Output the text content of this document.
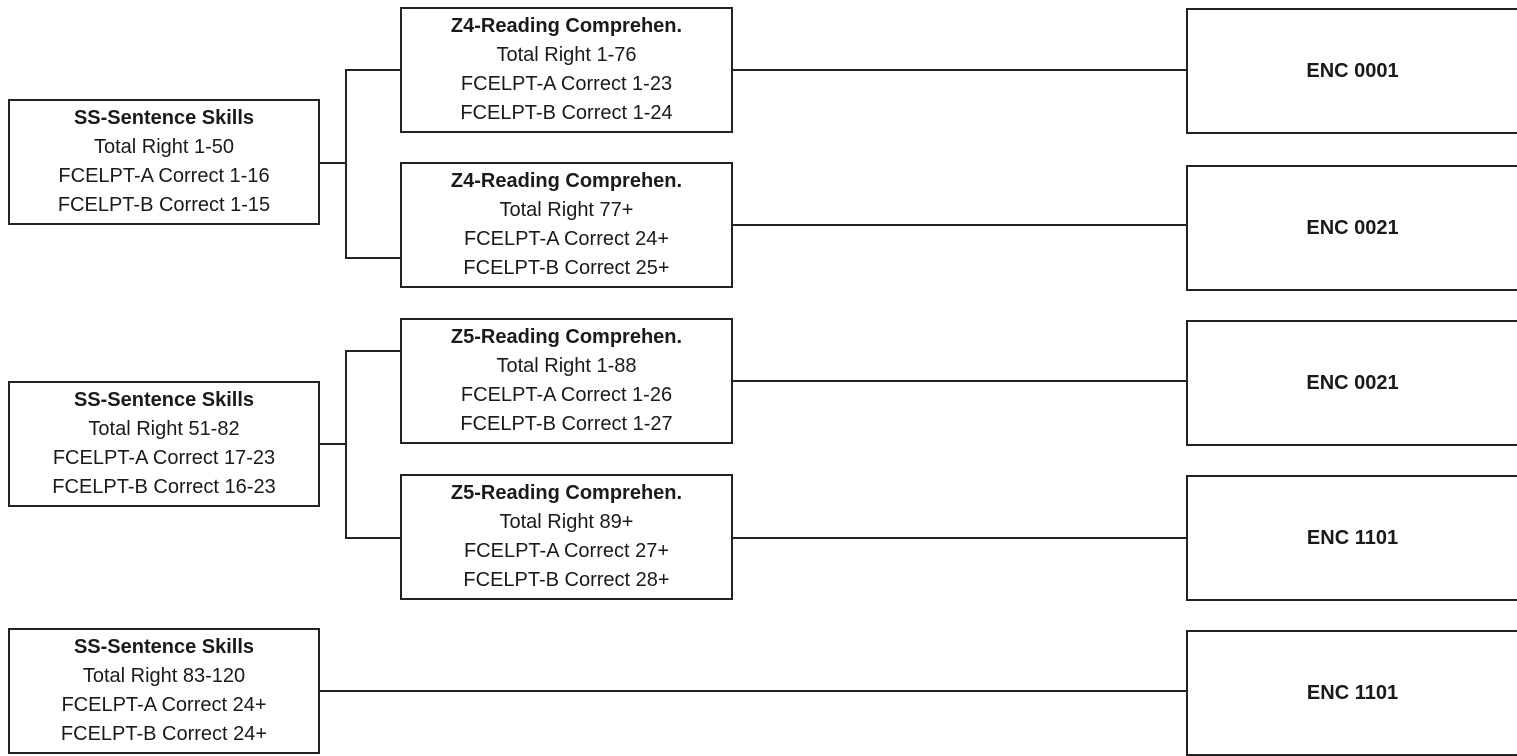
SS-Sentence Skills
Total Right 1-50
FCELPT-A Correct 1-16
FCELPT-B Correct 1-15
SS-Sentence Skills
Total Right 51-82
FCELPT-A Correct 17-23
FCELPT-B Correct 16-23
SS-Sentence Skills
Total Right 83-120
FCELPT-A Correct 24+
FCELPT-B Correct 24+
Z4-Reading Comprehen.
Total Right 1-76
FCELPT-A Correct 1-23
FCELPT-B Correct 1-24
Z4-Reading Comprehen.
Total Right 77+
FCELPT-A Correct 24+
FCELPT-B Correct 25+
Z5-Reading Comprehen.
Total Right 1-88
FCELPT-A Correct 1-26
FCELPT-B Correct 1-27
Z5-Reading Comprehen.
Total Right 89+
FCELPT-A Correct 27+
FCELPT-B Correct 28+
ENC 0001
ENC 0021
ENC 0021
ENC 1101
ENC 1101
